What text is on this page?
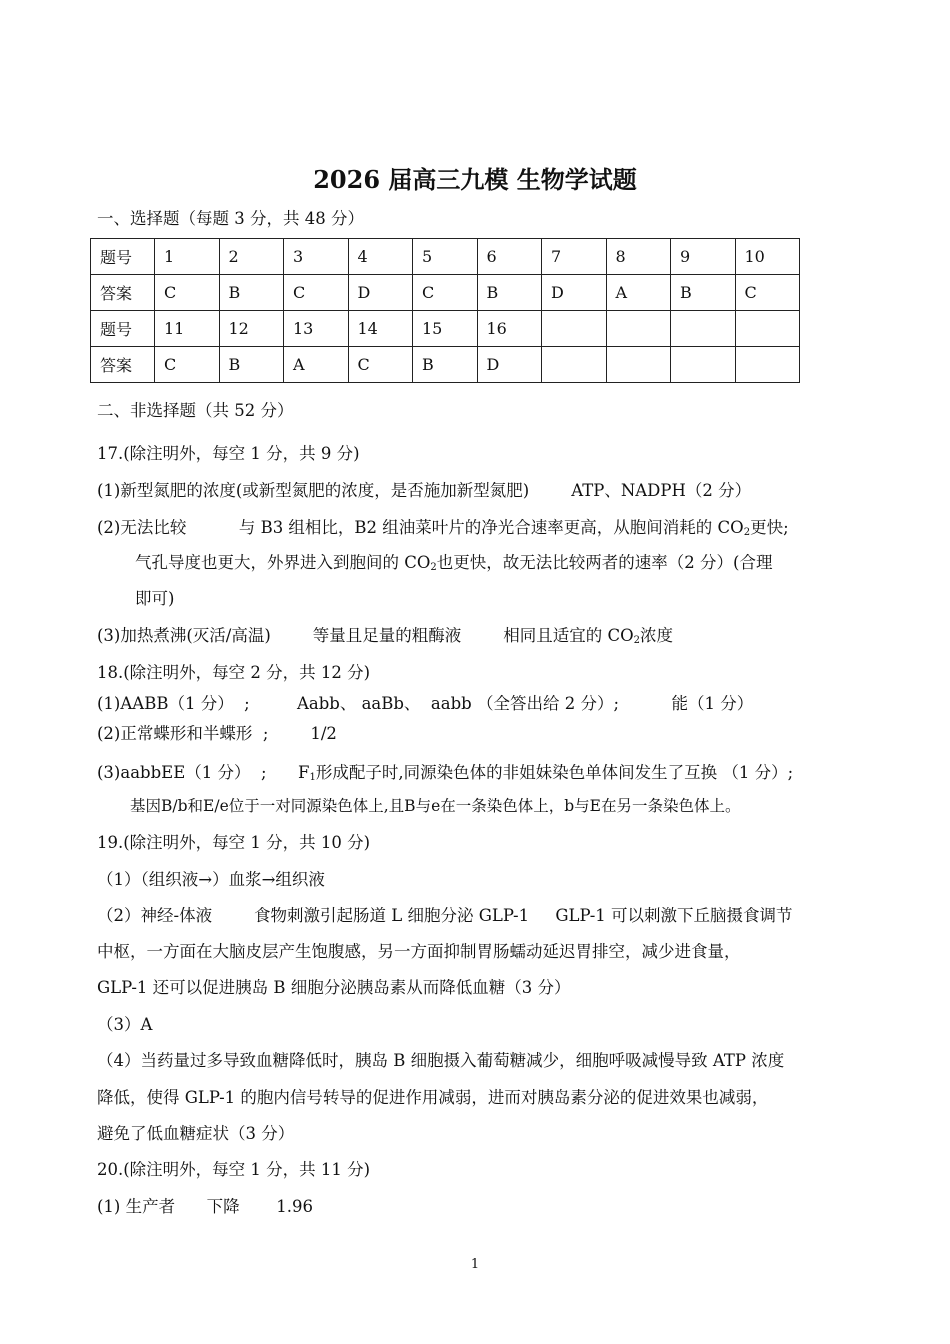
2026 届高三九模 生物学试题
一、选择题（每题 3 分，共 48 分）
题号	1	2	3	4	5	6	7	8	9	10
答案	C	B	C	D	C	B	D	A	B	C
题号	11	12	13	14	15	16				
答案	C	B	A	C	B	D				
二、非选择题（共 52 分）
17.(除注明外，每空 1 分，共 9 分)
(1)新型氮肥的浓度(或新型氮肥的浓度，是否施加新型氮肥)        ATP、NADPH（2 分）
(2)无法比较          与 B3 组相比，B2 组油菜叶片的净光合速率更高，从胞间消耗的 $CO_2$更快;
气孔导度也更大，外界进入到胞间的 $CO_2$也更快，故无法比较两者的速率（2 分）(合理
即可)
(3)加热煮沸(灭活/高温)        等量且足量的粗酶液        相同且适宜的 $CO_2$浓度
18.(除注明外，每空 2 分，共 12 分)
(1)AABB（1 分）  ;         Aabb、 aaBb、  aabb （全答出给 2 分）;          能（1 分）
(2)正常蝶形和半蝶形  ;        1/2
(3)aabbEE（1 分）  ;      $F_1$形成配子时,同源染色体的非姐妹染色单体间发生了互换 （1 分）;
基因B/b和E/e位于一对同源染色体上,且B与e在一条染色体上，b与E在另一条染色体上。
19.(除注明外，每空 1 分，共 10 分)
（1）（组织液→）血浆→组织液
（2）神经-体液        食物刺激引起肠道 L 细胞分泌 GLP-1     GLP-1 可以刺激下丘脑摄食调节
中枢，一方面在大脑皮层产生饱腹感，另一方面抑制胃肠蠕动延迟胃排空，减少进食量，
GLP-1 还可以促进胰岛 B 细胞分泌胰岛素从而降低血糖（3 分）
（3）A
（4）当药量过多导致血糖降低时，胰岛 B 细胞摄入葡萄糖减少，细胞呼吸减慢导致 ATP 浓度
降低，使得 GLP-1 的胞内信号转导的促进作用减弱，进而对胰岛素分泌的促进效果也减弱，
避免了低血糖症状（3 分）
20.(除注明外，每空 1 分，共 11 分)
(1) 生产者      下降       1.96
1
